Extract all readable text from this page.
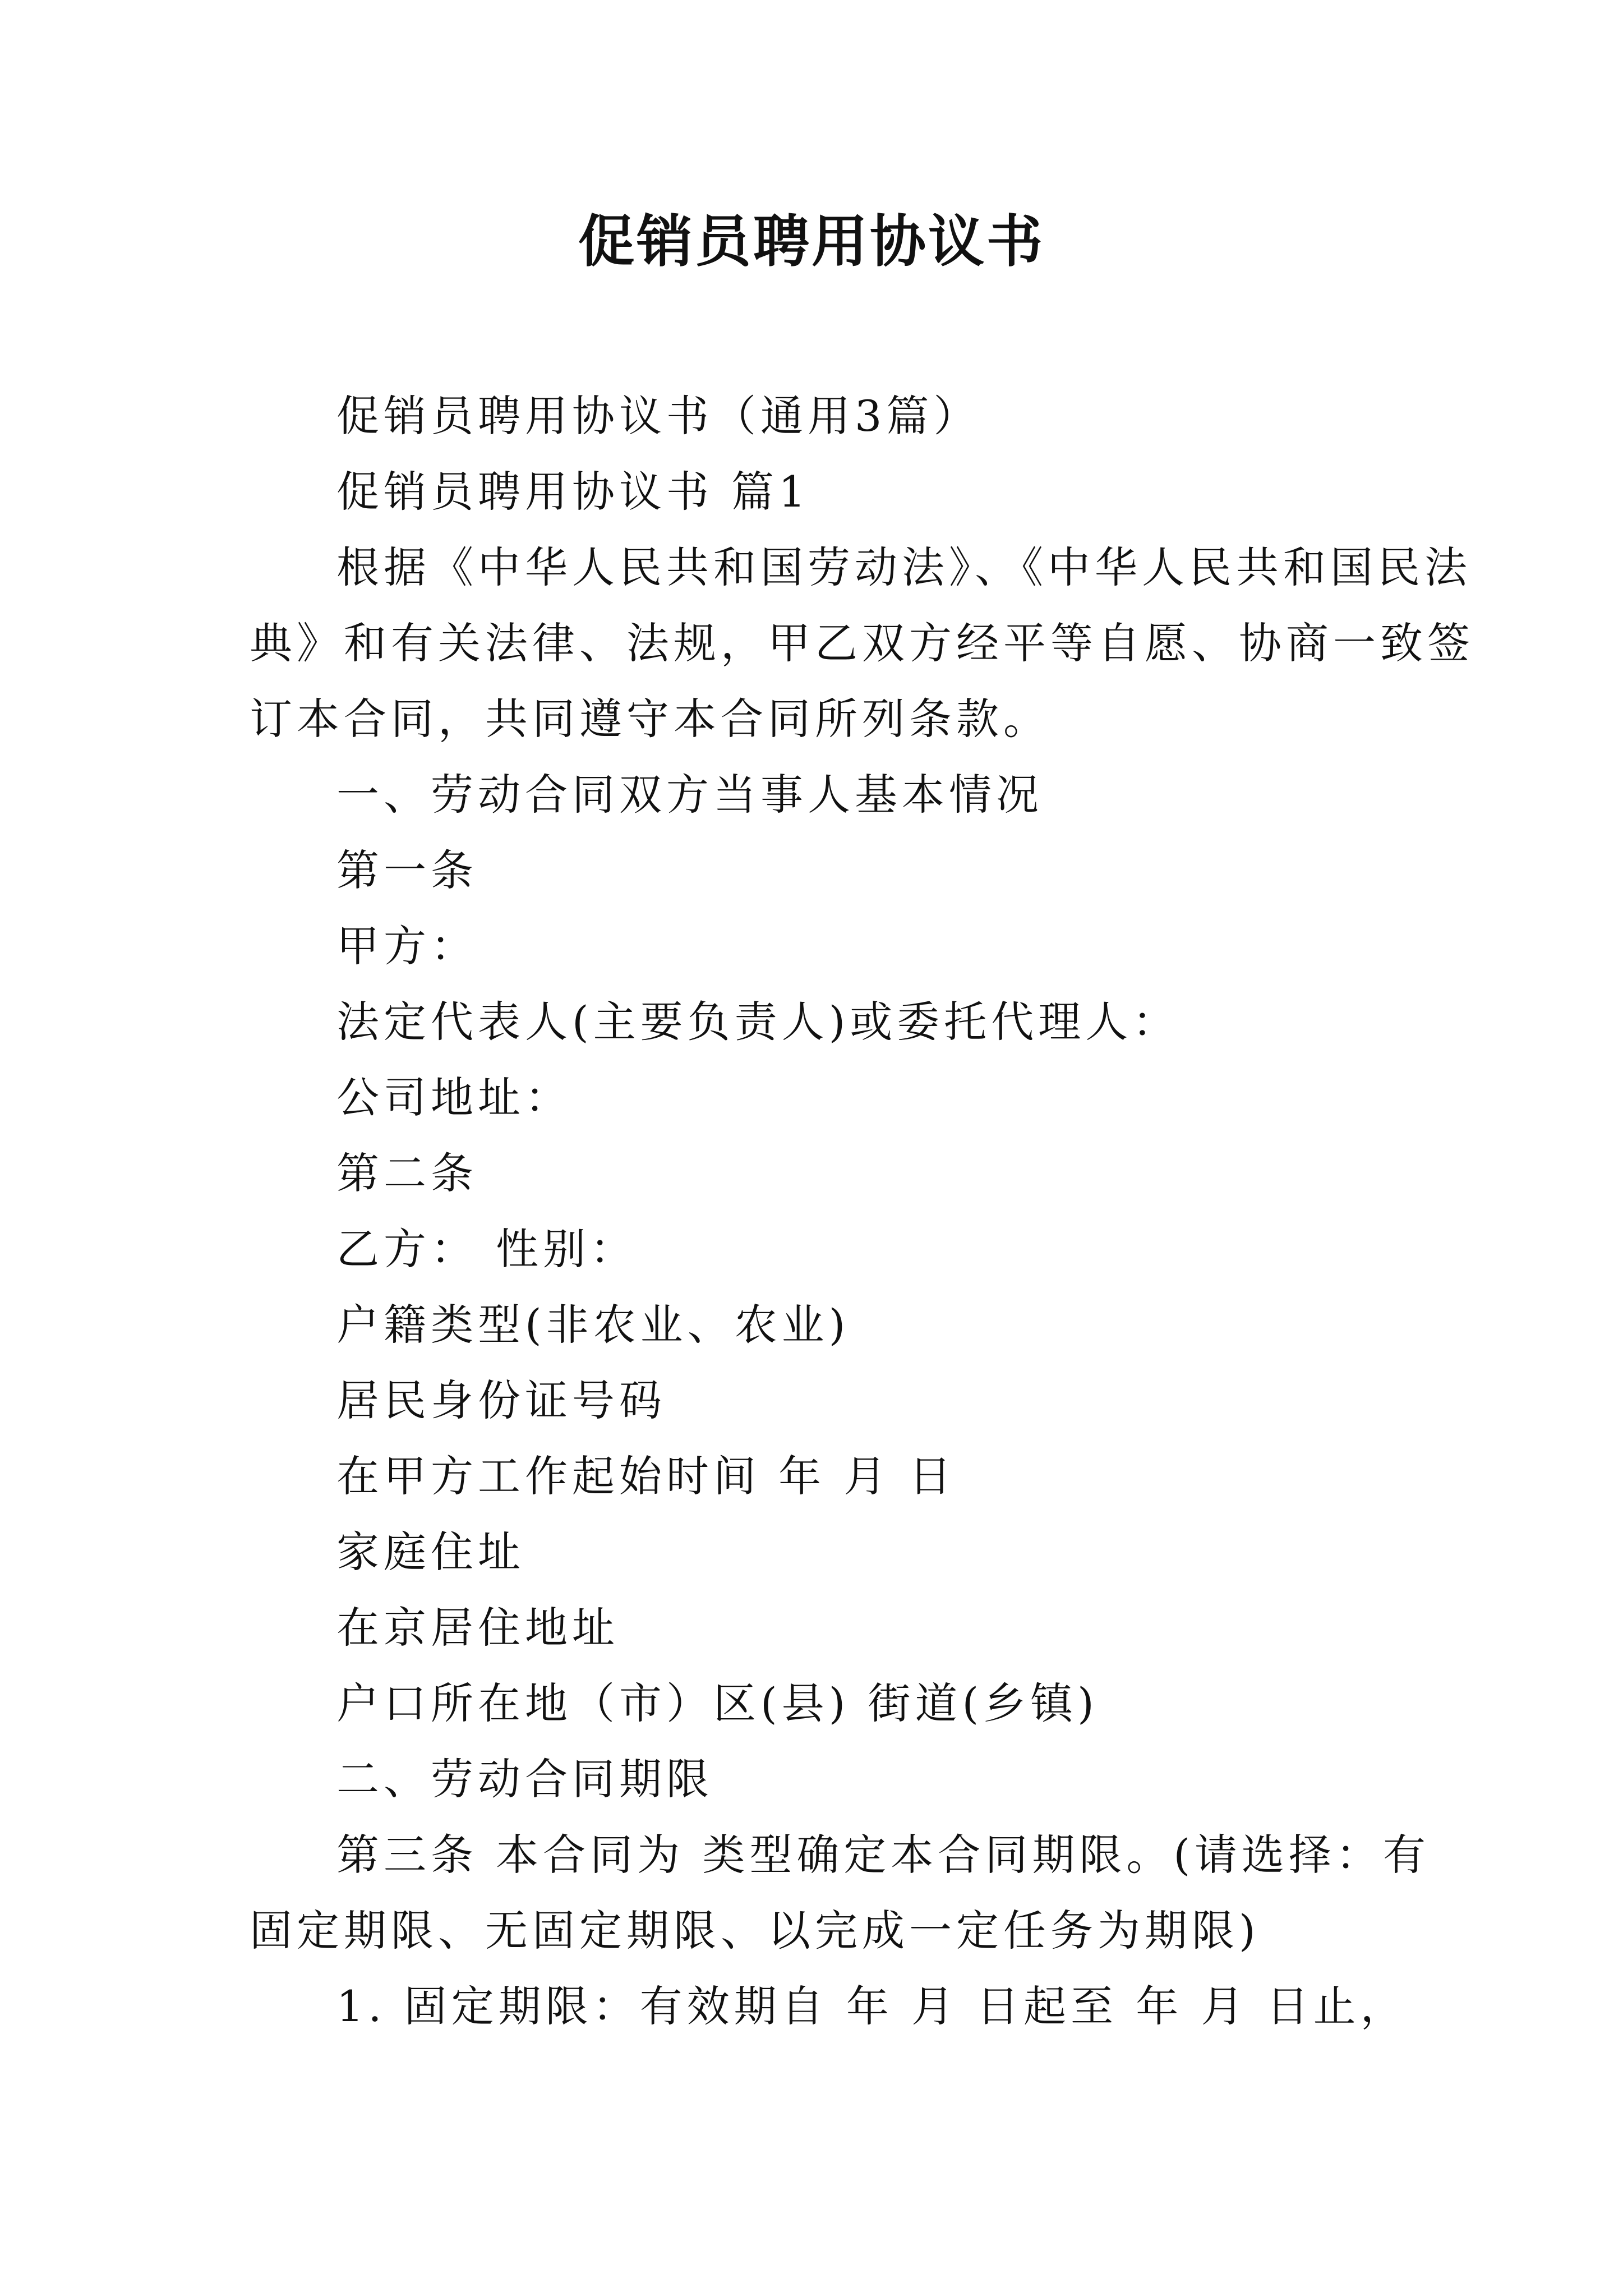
促销员聘用协议书
促销员聘用协议书（通用3篇）
促销员聘用协议书 篇1
根据《中华人民共和国劳动法》、《中华人民共和国民法
典》和有关法律、法规，甲乙双方经平等自愿、协商一致签
订本合同，共同遵守本合同所列条款。
一、劳动合同双方当事人基本情况
第一条
甲方：
法定代表人(主要负责人)或委托代理人：
公司地址：
第二条
乙方： 性别：
户籍类型(非农业、农业)
居民身份证号码
在甲方工作起始时间 年 月 日
家庭住址
在京居住地址
户口所在地（市）区(县) 街道(乡镇)
二、劳动合同期限
第三条 本合同为 类型确定本合同期限。(请选择：有
固定期限、无固定期限、以完成一定任务为期限)
1. 固定期限：有效期自 年 月 日起至 年 月 日止，
